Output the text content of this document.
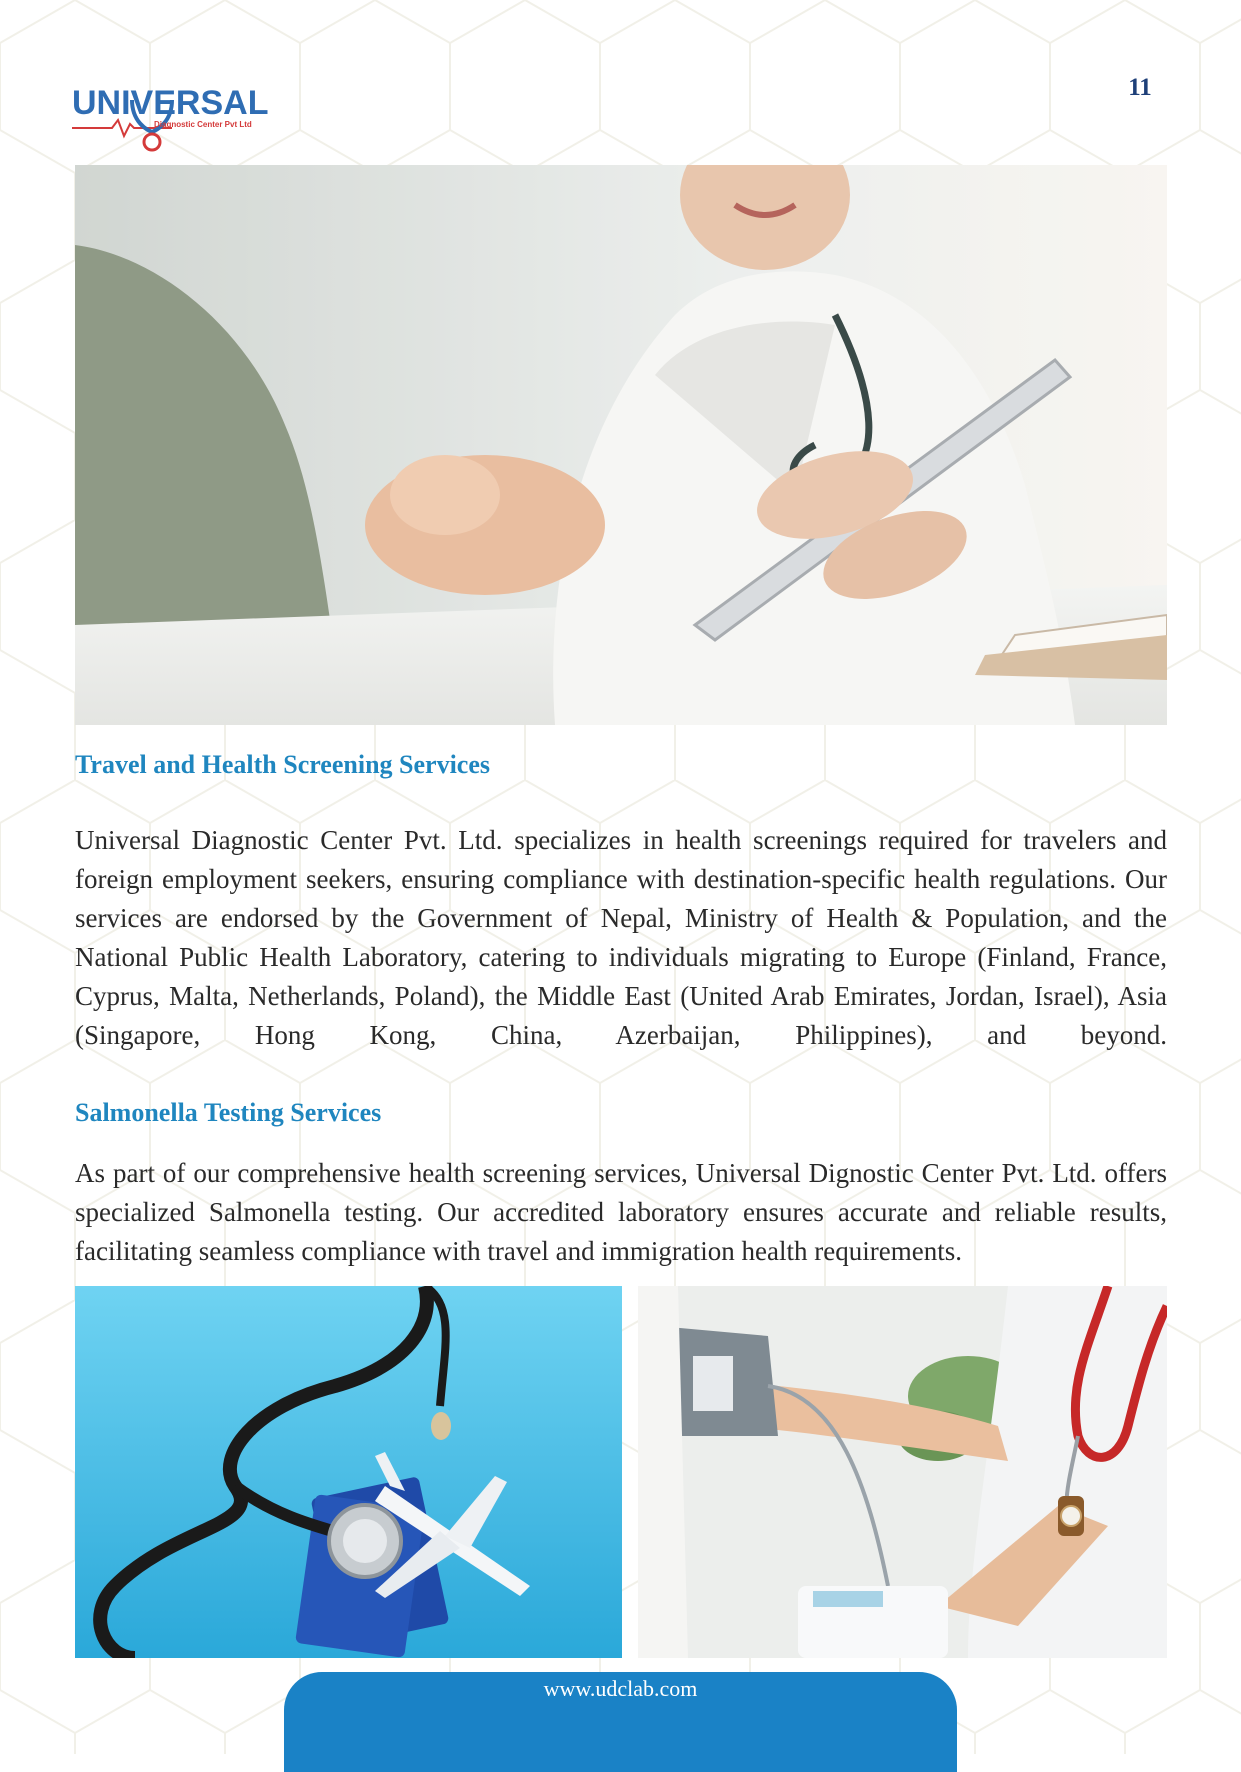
UNIVERSAL
Diagnostic Center Pvt Ltd
11
Travel and Health Screening Services

Universal Diagnostic Center Pvt. Ltd. specializes in health screenings required for travelers and foreign employment seekers, ensuring compliance with destination-specific health regulations. Our services are endorsed by the Government of Nepal, Ministry of Health & Population, and the National Public Health Laboratory, catering to individuals migrating to Europe (Finland, France, Cyprus, Malta, Netherlands, Poland), the Middle East (United Arab Emirates, Jordan, Israel), Asia (Singapore, Hong Kong, China, Azerbaijan, Philippines), and beyond.

Salmonella Testing Services

As part of our comprehensive health screening services, Universal Dignostic Center Pvt. Ltd. offers specialized Salmonella testing. Our accredited laboratory ensures accurate and reliable results, facilitating seamless compliance with travel and immigration health requirements.

www.udclab.com
